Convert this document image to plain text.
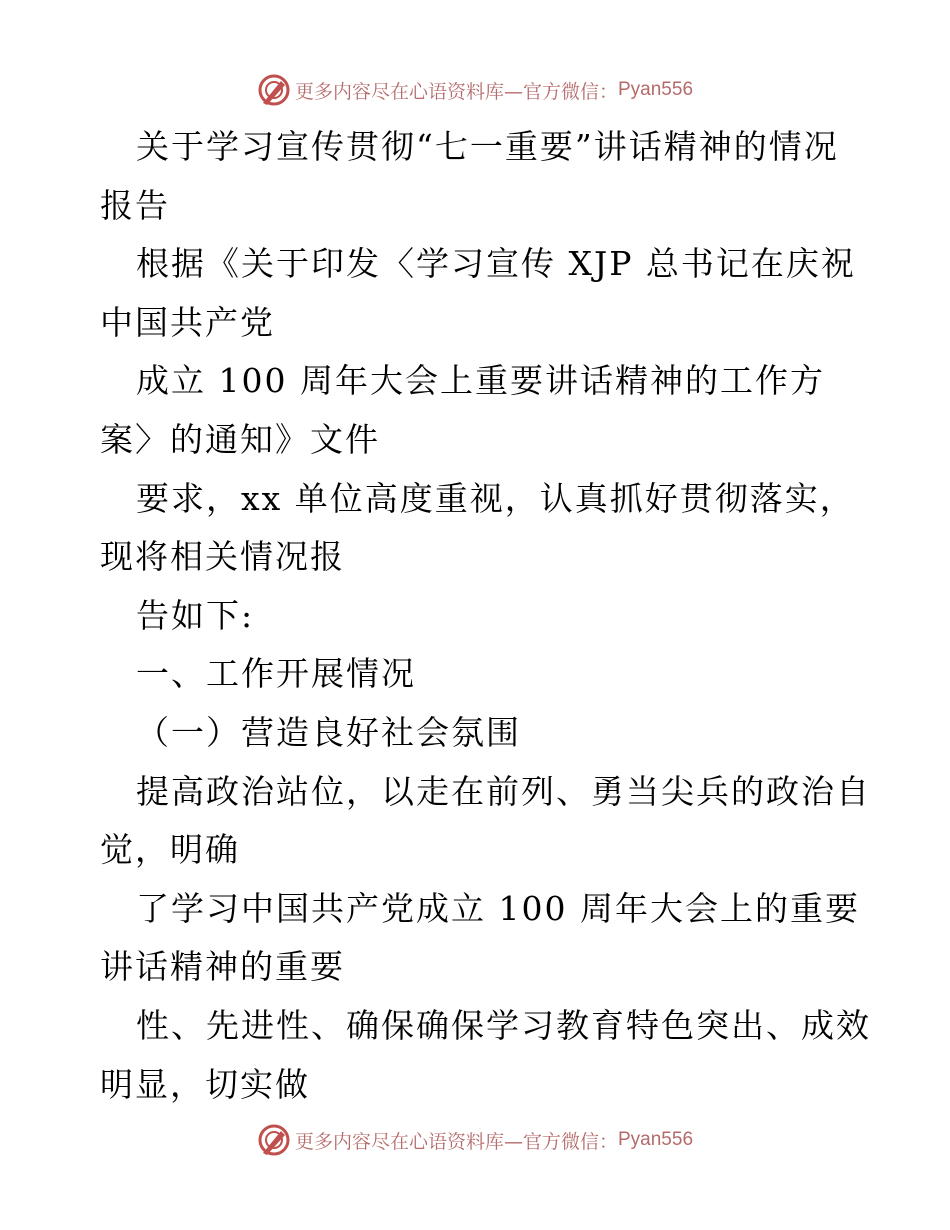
更多内容尽在心语资料库—官方微信： Pyan556
关于学习宣传贯彻“七一重要”讲话精神的情况
报告
根据《关于印发〈学习宣传 XJP 总书记在庆祝
中国共产党
成立 100 周年大会上重要讲话精神的工作方
案〉的通知》文件
要求，xx 单位高度重视，认真抓好贯彻落实，
现将相关情况报
告如下:
一、工作开展情况
（一）营造良好社会氛围
提高政治站位，以走在前列、勇当尖兵的政治自
觉，明确
了学习中国共产党成立 100 周年大会上的重要
讲话精神的重要
性、先进性、确保确保学习教育特色突出、成效
明显，切实做
更多内容尽在心语资料库—官方微信： Pyan556
